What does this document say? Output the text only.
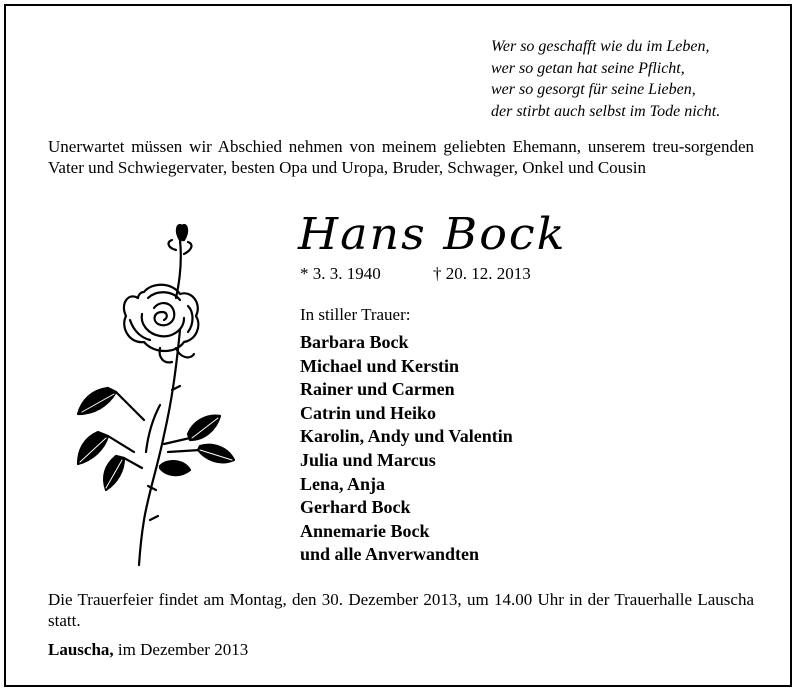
Wer so geschafft wie du im Leben,
wer so getan hat seine Pflicht,
wer so gesorgt für seine Lieben,
der stirbt auch selbst im Tode nicht.
Unerwartet müssen wir Abschied nehmen von meinem geliebten Ehemann, unserem treu-sorgenden Vater und Schwiegervater, besten Opa und Uropa, Bruder, Schwager, Onkel und Cousin
Hans Bock
* 3. 3. 1940	† 20. 12. 2013
In stiller Trauer:
Barbara Bock
Michael und Kerstin
Rainer und Carmen
Catrin und Heiko
Karolin, Andy und Valentin
Julia und Marcus
Lena, Anja
Gerhard Bock
Annemarie Bock
und alle Anverwandten
Die Trauerfeier findet am Montag, den 30. Dezember 2013, um 14.00 Uhr in der Trauerhalle Lauscha statt.
Lauscha, im Dezember 2013
